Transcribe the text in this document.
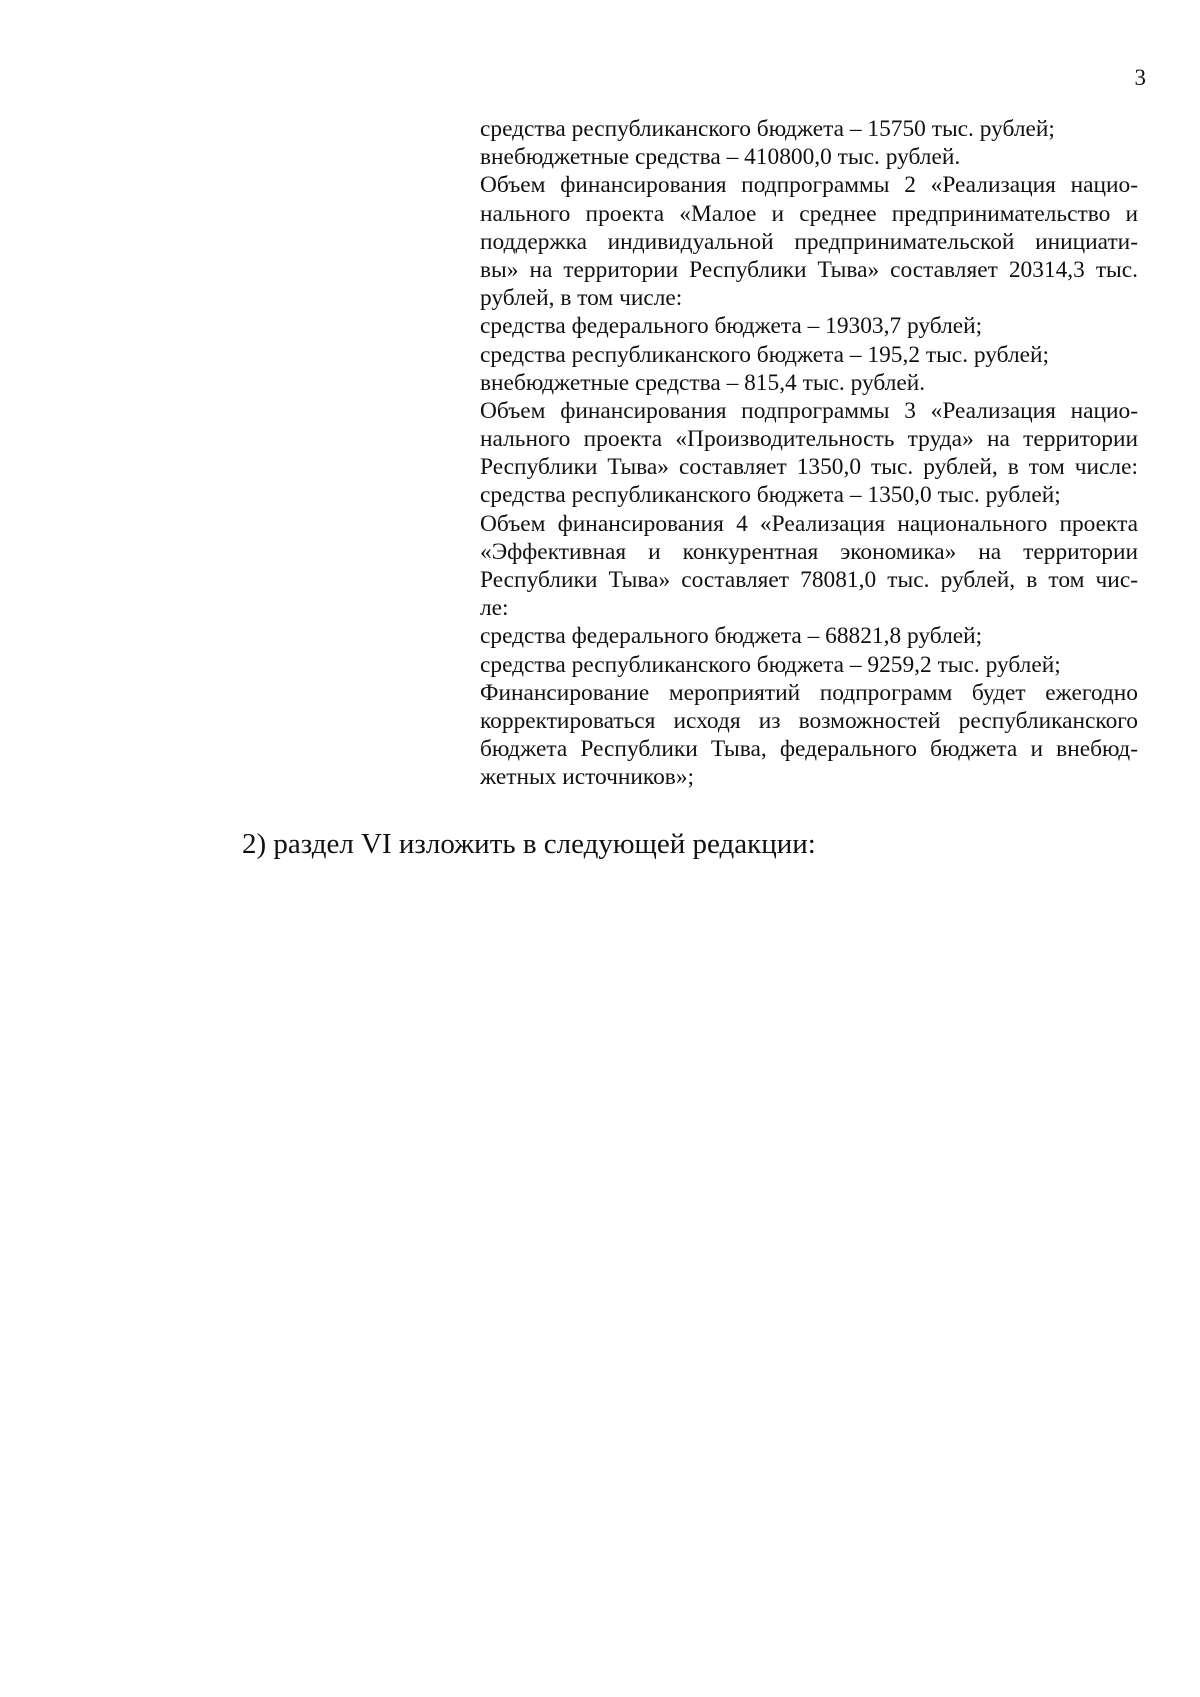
3
средства республиканского бюджета – 15750 тыс. рублей;
внебюджетные средства – 410800,0 тыс. рублей.
Объем финансирования подпрограммы 2 «Реализация нацио-
нального проекта «Малое и среднее предпринимательство и
поддержка индивидуальной предпринимательской инициати-
вы» на территории Республики Тыва» составляет 20314,3 тыс.
рублей, в том числе:
средства федерального бюджета – 19303,7 рублей;
средства республиканского бюджета – 195,2 тыс. рублей;
внебюджетные средства – 815,4 тыс. рублей.
Объем финансирования подпрограммы 3 «Реализация нацио-
нального проекта «Производительность труда» на территории
Республики Тыва» составляет 1350,0 тыс. рублей, в том числе:
средства республиканского бюджета – 1350,0 тыс. рублей;
Объем финансирования 4 «Реализация национального проекта
«Эффективная и конкурентная экономика» на территории
Республики Тыва» составляет 78081,0 тыс. рублей, в том чис-
ле:
средства федерального бюджета – 68821,8 рублей;
средства республиканского бюджета – 9259,2 тыс. рублей;
Финансирование мероприятий подпрограмм будет ежегодно
корректироваться исходя из возможностей республиканского
бюджета Республики Тыва, федерального бюджета и внебюд-
жетных источников»;
2) раздел VI изложить в следующей редакции:
